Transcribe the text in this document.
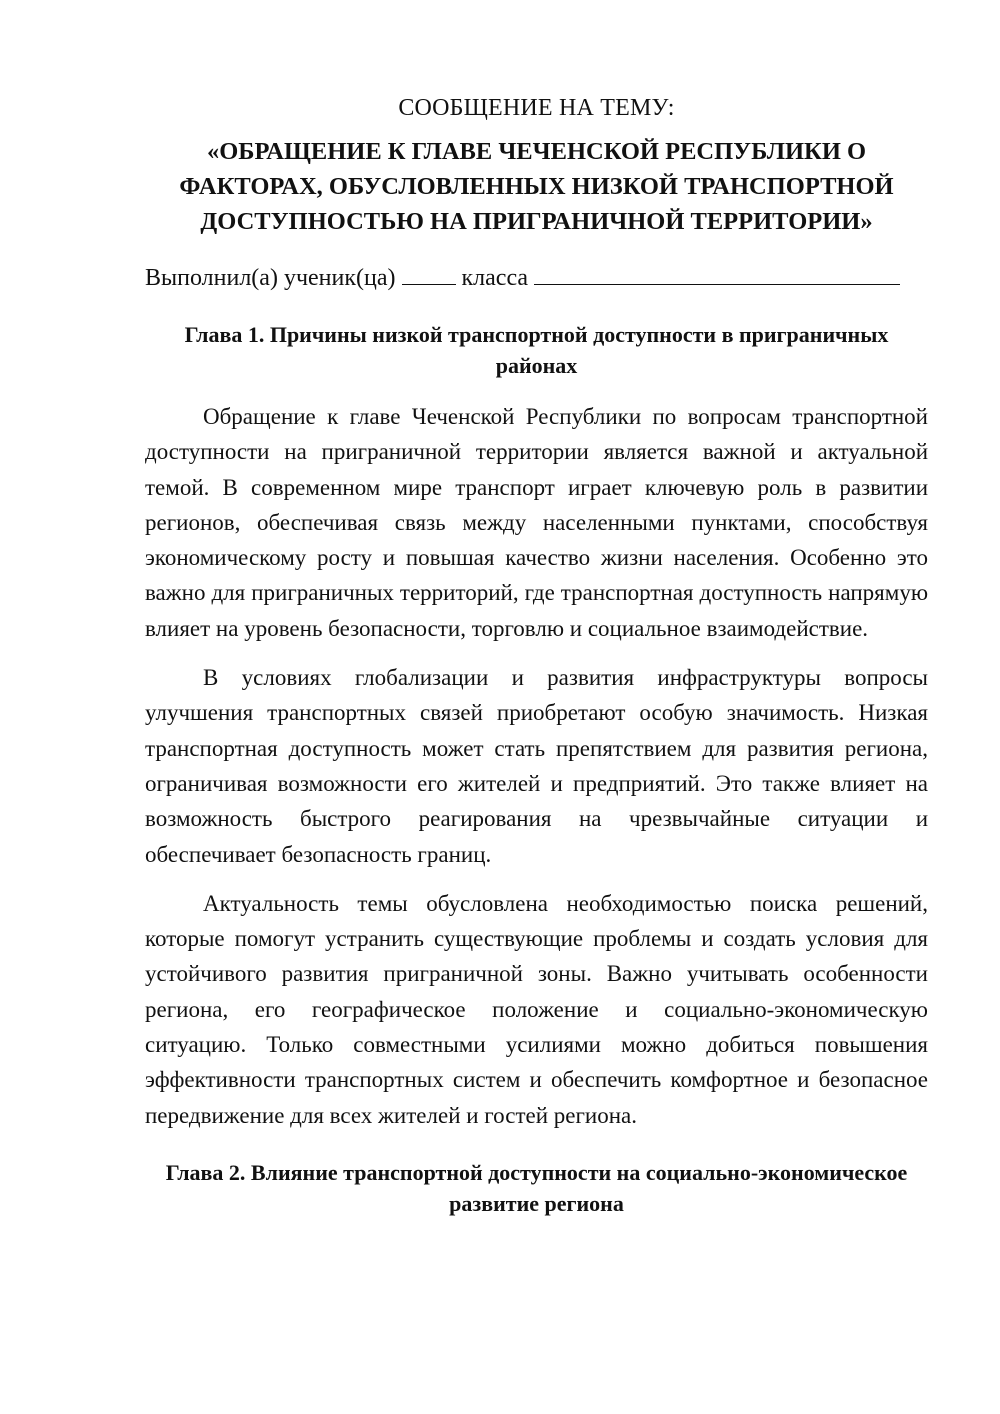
СООБЩЕНИЕ НА ТЕМУ:

«ОБРАЩЕНИЕ К ГЛАВЕ ЧЕЧЕНСКОЙ РЕСПУБЛИКИ О ФАКТОРАХ, ОБУСЛОВЛЕННЫХ НИЗКОЙ ТРАНСПОРТНОЙ ДОСТУПНОСТЬЮ НА ПРИГРАНИЧНОЙ ТЕРРИТОРИИ»

Выполнил(а) ученик(ца)	класса

Глава 1. Причины низкой транспортной доступности в приграничных районах

Обращение к главе Чеченской Республики по вопросам транспортной доступности на приграничной территории является важной и актуальной темой. В современном мире транспорт играет ключевую роль в развитии регионов, обеспечивая связь между населенными пунктами, способствуя экономическому росту и повышая качество жизни населения. Особенно это важно для приграничных территорий, где транспортная доступность напрямую влияет на уровень безопасности, торговлю и социальное взаимодействие.

В условиях глобализации и развития инфраструктуры вопросы улучшения транспортных связей приобретают особую значимость. Низкая транспортная доступность может стать препятствием для развития региона, ограничивая возможности его жителей и предприятий. Это также влияет на возможность быстрого реагирования на чрезвычайные ситуации и обеспечивает безопасность границ.

Актуальность темы обусловлена необходимостью поиска решений, которые помогут устранить существующие проблемы и создать условия для устойчивого развития приграничной зоны. Важно учитывать особенности региона, его географическое положение и социально-экономическую ситуацию. Только совместными усилиями можно добиться повышения эффективности транспортных систем и обеспечить комфортное и безопасное передвижение для всех жителей и гостей региона.

Глава 2. Влияние транспортной доступности на социально-экономическое развитие региона
